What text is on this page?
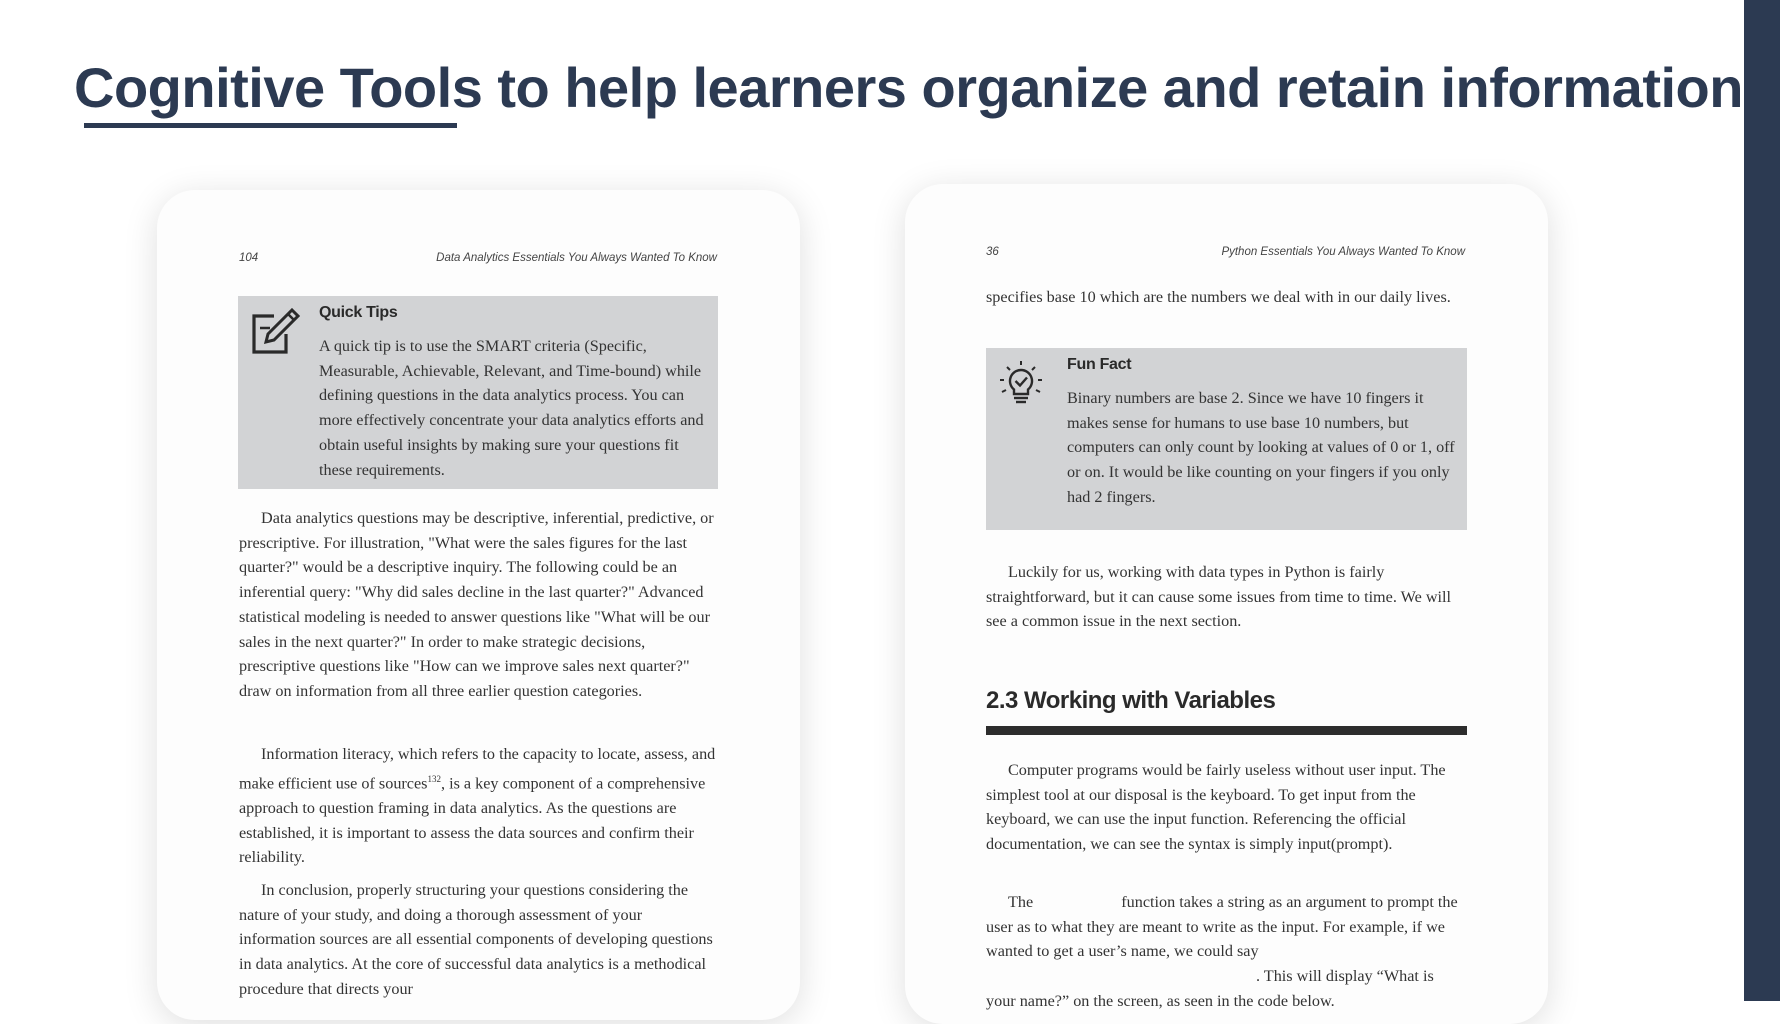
Cognitive Tools to help learners organize and retain information
104	Data Analytics Essentials You Always Wanted To Know
Quick Tips

A quick tip is to use the SMART criteria (Specific, Measurable, Achievable, Relevant, and Time-bound) while defining questions in the data analytics process. You can more effectively concentrate your data analytics efforts and obtain useful insights by making sure your questions fit these requirements.

Data analytics questions may be descriptive, inferential, predictive, or prescriptive. For illustration, "What were the sales figures for the last quarter?" would be a descriptive inquiry. The following could be an inferential query: "Why did sales decline in the last quarter?" Advanced statistical modeling is needed to answer questions like "What will be our sales in the next quarter?" In order to make strategic decisions, prescriptive questions like "How can we improve sales next quarter?" draw on information from all three earlier question categories.

Information literacy, which refers to the capacity to locate, assess, and make efficient use of sources$^{132}$, is a key component of a comprehensive approach to question framing in data analytics. As the questions are established, it is important to assess the data sources and confirm their reliability.

In conclusion, properly structuring your questions considering the nature of your study, and doing a thorough assessment of your information sources are all essential components of developing questions in data analytics. At the core of successful data analytics is a methodical procedure that directs your

36	Python Essentials You Always Wanted To Know

specifies base 10 which are the numbers we deal with in our daily lives.

Fun Fact

Binary numbers are base 2. Since we have 10 fingers it makes sense for humans to use base 10 numbers, but computers can only count by looking at values of 0 or 1, off or on. It would be like counting on your fingers if you only had 2 fingers.

Luckily for us, working with data types in Python is fairly straightforward, but it can cause some issues from time to time. We will see a common issue in the next section.

2.3 Working with Variables

Computer programs would be fairly useless without user input. The simplest tool at our disposal is the keyboard. To get input from the keyboard, we can use the input function. Referencing the official documentation, we can see the syntax is simply input(prompt).

The	function takes a string as an argument to prompt the user as to what they are meant to write as the input. For example, if we wanted to get a user’s name, we could say . This will display “What is your name?” on the screen, as seen in the code below.
